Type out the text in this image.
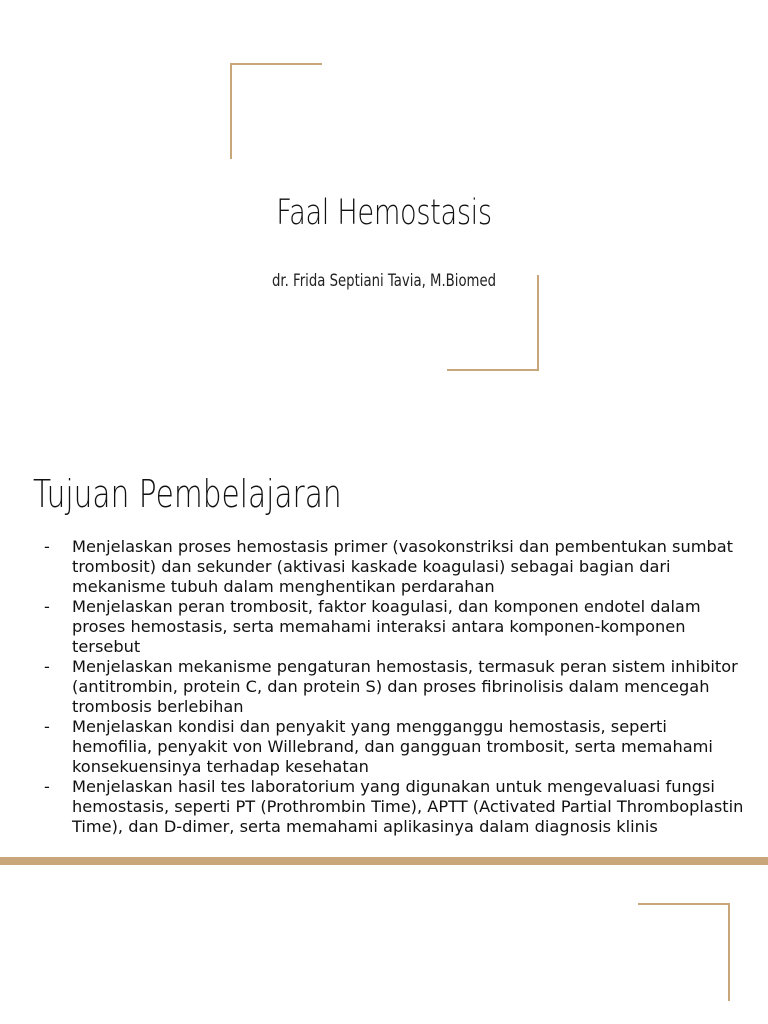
Faal Hemostasis
dr. Frida Septiani Tavia, M.Biomed
Tujuan Pembelajaran
- Menjelaskan proses hemostasis primer (vasokonstriksi dan pembentukan sumbat trombosit) dan sekunder (aktivasi kaskade koagulasi) sebagai bagian dari mekanisme tubuh dalam menghentikan perdarahan
- Menjelaskan peran trombosit, faktor koagulasi, dan komponen endotel dalam proses hemostasis, serta memahami interaksi antara komponen-komponen tersebut
- Menjelaskan mekanisme pengaturan hemostasis, termasuk peran sistem inhibitor (antitrombin, protein C, dan protein S) dan proses fibrinolisis dalam mencegah trombosis berlebihan
- Menjelaskan kondisi dan penyakit yang mengganggu hemostasis, seperti hemofilia, penyakit von Willebrand, dan gangguan trombosit, serta memahami konsekuensinya terhadap kesehatan
- Menjelaskan hasil tes laboratorium yang digunakan untuk mengevaluasi fungsi hemostasis, seperti PT (Prothrombin Time), APTT (Activated Partial Thromboplastin Time), dan D-dimer, serta memahami aplikasinya dalam diagnosis klinis
